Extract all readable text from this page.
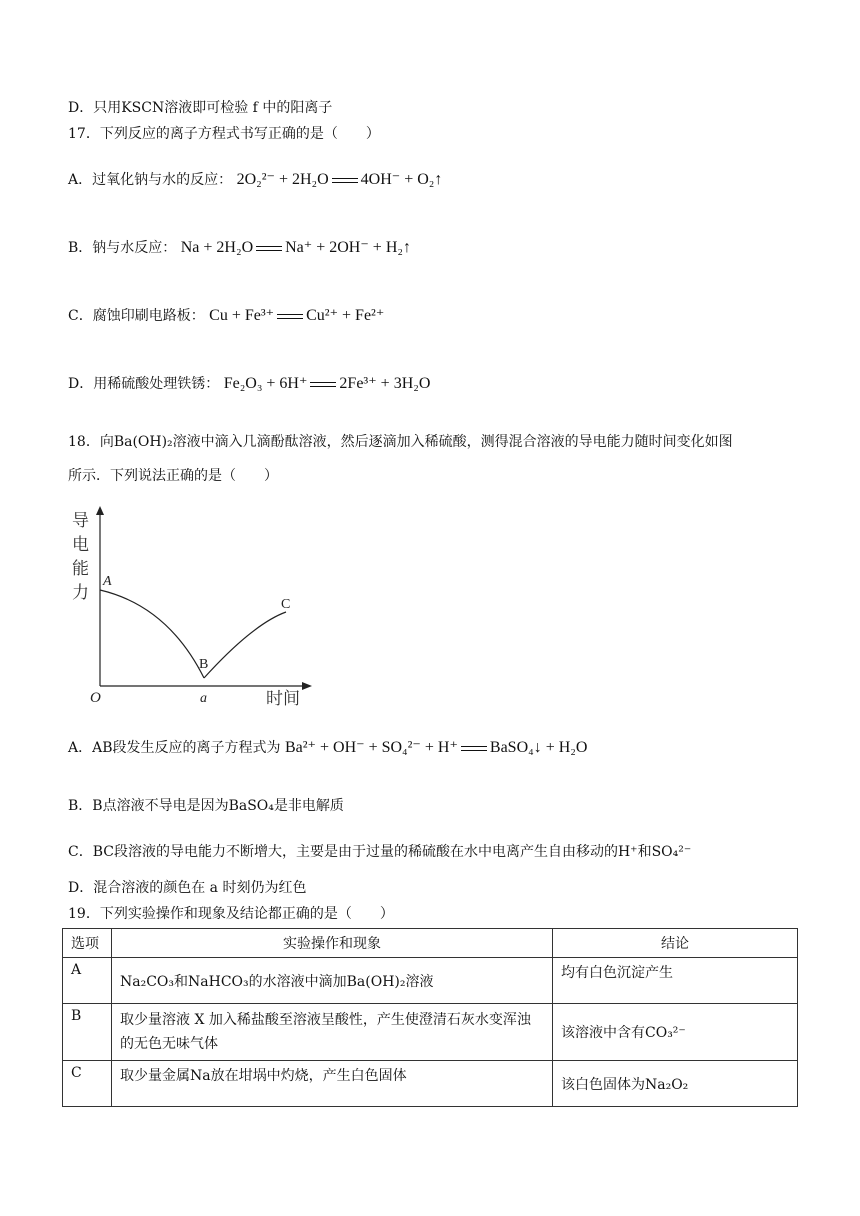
D．只用KSCN溶液即可检验 f 中的阳离子
17．下列反应的离子方程式书写正确的是（　　）
A．过氧化钠与水的反应： 2O₂²⁻ + 2H₂O 4OH⁻ + O₂↑
B．钠与水反应： Na + 2H₂O Na⁺ + 2OH⁻ + H₂↑
C．腐蚀印刷电路板： Cu + Fe³⁺ Cu²⁺ + Fe²⁺
D．用稀硫酸处理铁锈： Fe₂O₃ + 6H⁺ 2Fe³⁺ + 3H₂O
18．向Ba(OH)₂溶液中滴入几滴酚酞溶液，然后逐滴加入稀硫酸，测得混合溶液的导电能力随时间变化如图
所示．下列说法正确的是（　　）
导
电
能
力
A
B
C
a
O	时间
A．AB段发生反应的离子方程式为 Ba²⁺ + OH⁻ + SO₄²⁻ + H⁺ BaSO₄↓ + H₂O
B．B点溶液不导电是因为BaSO₄是非电解质
C．BC段溶液的导电能力不断增大，主要是由于过量的稀硫酸在水中电离产生自由移动的H⁺和SO₄²⁻
D．混合溶液的颜色在 a 时刻仍为红色
19．下列实验操作和现象及结论都正确的是（　　）
选项	实验操作和现象	结论
A	Na₂CO₃和NaHCO₃的水溶液中滴加Ba(OH)₂溶液	均有白色沉淀产生
B	取少量溶液 X 加入稀盐酸至溶液呈酸性，产生使澄清石灰水变浑浊的无色无味气体	该溶液中含有CO₃²⁻
C	取少量金属Na放在坩埚中灼烧，产生白色固体	该白色固体为Na₂O₂
